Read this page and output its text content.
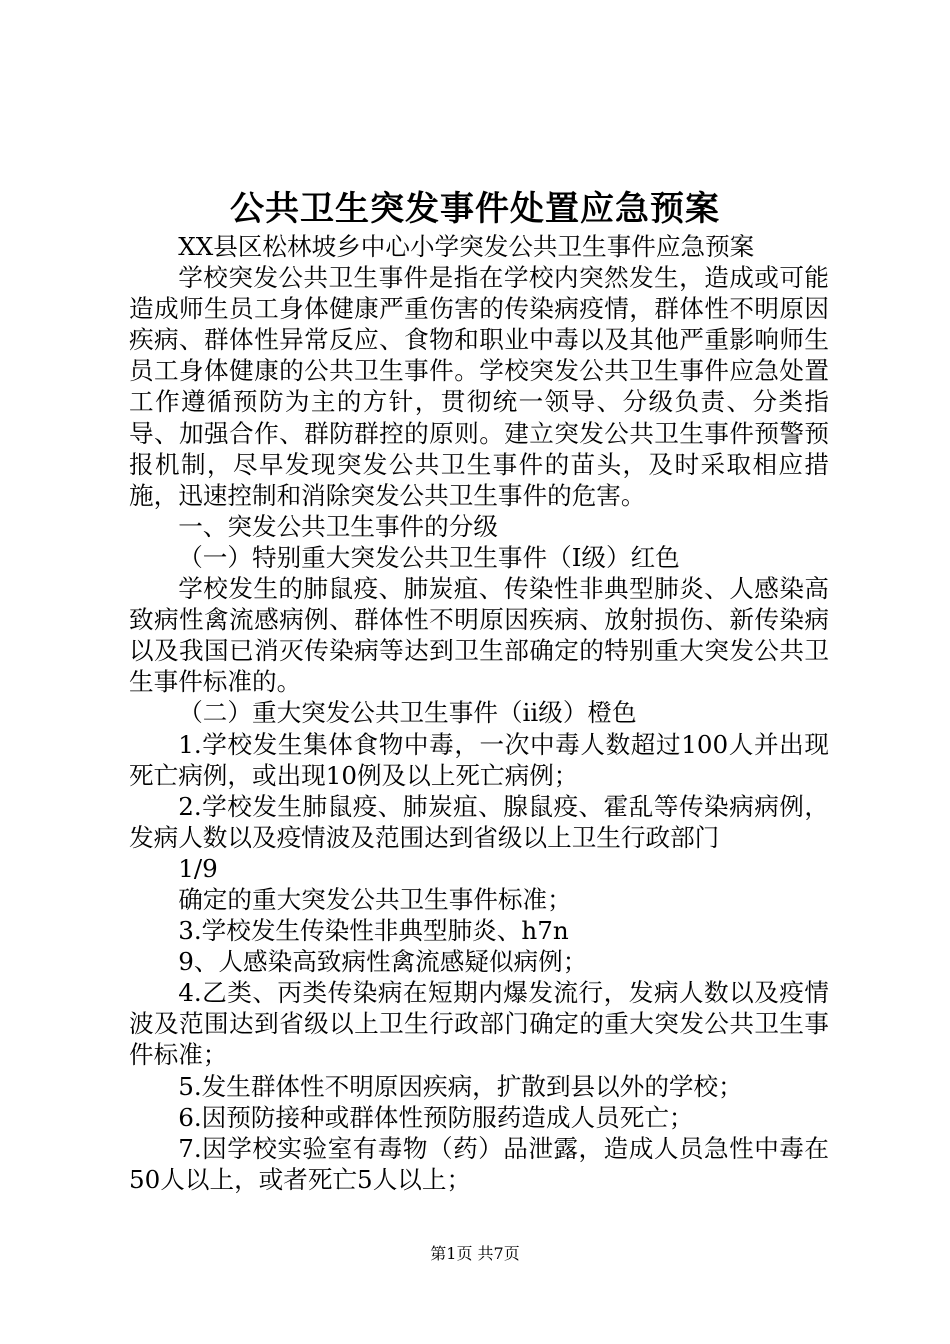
公共卫生突发事件处置应急预案

XX县区松林坡乡中心小学突发公共卫生事件应急预案

学校突发公共卫生事件是指在学校内突然发生，造成或可能造成师生员工身体健康严重伤害的传染病疫情，群体性不明原因疾病、群体性异常反应、食物和职业中毒以及其他严重影响师生员工身体健康的公共卫生事件。学校突发公共卫生事件应急处置工作遵循预防为主的方针，贯彻统一领导、分级负责、分类指导、加强合作、群防群控的原则。建立突发公共卫生事件预警预报机制，尽早发现突发公共卫生事件的苗头，及时采取相应措施，迅速控制和消除突发公共卫生事件的危害。

一、突发公共卫生事件的分级

（一）特别重大突发公共卫生事件（Ⅰ级）红色

学校发生的肺鼠疫、肺炭疽、传染性非典型肺炎、人感染高致病性禽流感病例、群体性不明原因疾病、放射损伤、新传染病以及我国已消灭传染病等达到卫生部确定的特别重大突发公共卫生事件标准的。

（二）重大突发公共卫生事件（ii级）橙色

1.学校发生集体食物中毒，一次中毒人数超过100人并出现死亡病例，或出现10例及以上死亡病例；

2.学校发生肺鼠疫、肺炭疽、腺鼠疫、霍乱等传染病病例，发病人数以及疫情波及范围达到省级以上卫生行政部门

1/9

确定的重大突发公共卫生事件标准；

3.学校发生传染性非典型肺炎、h7n

9、人感染高致病性禽流感疑似病例；

4.乙类、丙类传染病在短期内爆发流行，发病人数以及疫情波及范围达到省级以上卫生行政部门确定的重大突发公共卫生事件标准；

5.发生群体性不明原因疾病，扩散到县以外的学校；

6.因预防接种或群体性预防服药造成人员死亡；

7.因学校实验室有毒物（药）品泄露，造成人员急性中毒在50人以上，或者死亡5人以上；

第1页 共7页
